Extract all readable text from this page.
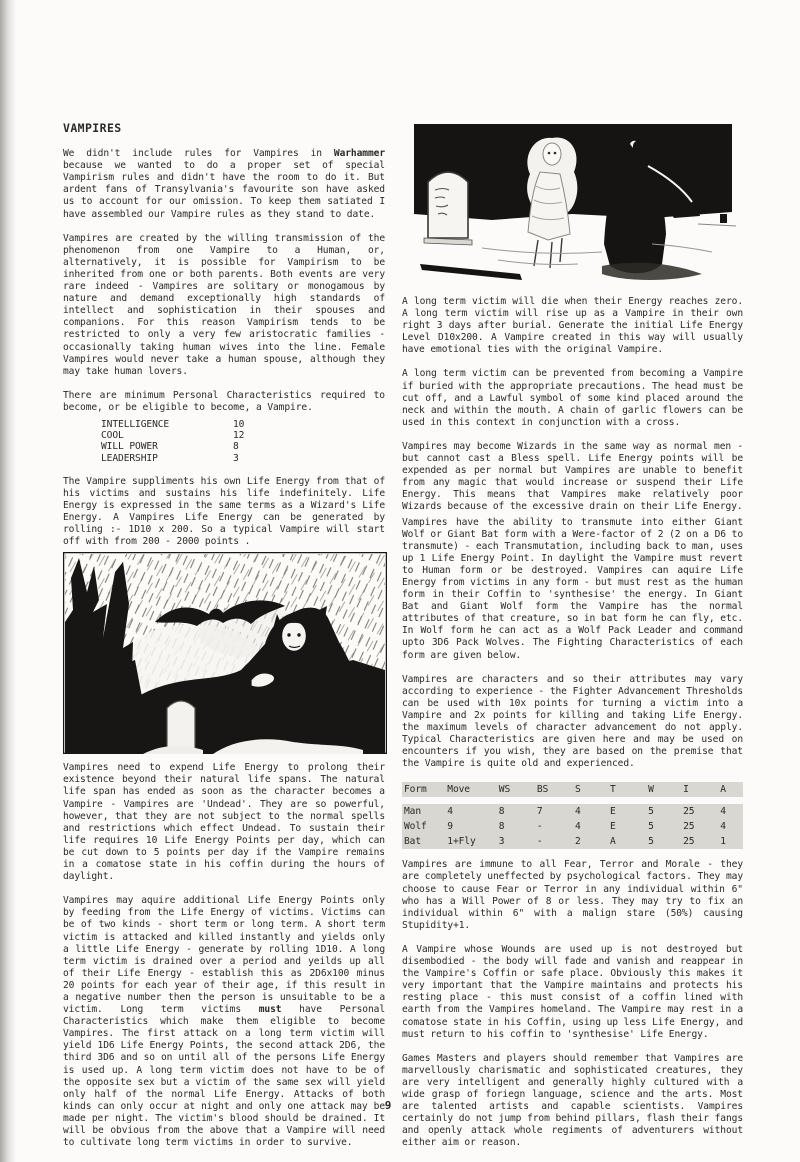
VAMPIRES

We didn't include rules for Vampires in Warhammer because we wanted to do a proper set of special Vampirism rules and didn't have the room to do it. But ardent fans of Transylvania's favourite son have asked us to account for our omission. To keep them satiated I have assembled our Vampire rules as they stand to date.

Vampires are created by the willing transmission of the phenomenon from one Vampire to a Human, or, alternatively, it is possible for Vampirism to be inherited from one or both parents. Both events are very rare indeed - Vampires are solitary or monogamous by nature and demand exceptionally high standards of intellect and sophistication in their spouses and companions. For this reason Vampirism tends to be restricted to only a very few aristocratic families -occasionally taking human wives into the line. Female Vampires would never take a human spouse, although they may take human lovers.

There are minimum Personal Characteristics required to become, or be eligible to become, a Vampire.

INTELLIGENCE	10
COOL	12
WILL POWER	8
LEADERSHIP	3

The Vampire suppliments his own Life Energy from that of his victims and sustains his life indefinitely. Life Energy is expressed in the same terms as a Wizard's Life Energy. A Vampires Life Energy can be generated by rolling :- 1D10 x 200. So a typical Vampire will start off with from 200 - 2000 points .

Vampires need to expend Life Energy to prolong their existence beyond their natural life spans. The natural life span has ended as soon as the character becomes a Vampire - Vampires are 'Undead'. They are so powerful, however, that they are not subject to the normal spells and restrictions which effect Undead. To sustain their life requires 10 Life Energy Points per day, which can be cut down to 5 points per day if the Vampire remains in a comatose state in his coffin during the hours of daylight.

Vampires may aquire additional Life Energy Points only by feeding from the Life Energy of victims. Victims can be of two kinds - short term or long term. A short term victim is attacked and killed instantly and yields only a little Life Energy - generate by rolling 1D10. A long term victim is drained over a period and yeilds up all of their Life Energy - establish this as 2D6x100 minus 20 points for each year of their age, if this result in a negative number then the person is unsuitable to be a victim. Long term victims must have Personal Characteristics which make them eligible to become Vampires. The first attack on a long term victim will yield 1D6 Life Energy Points, the second attack 2D6, the third 3D6 and so on until all of the persons Life Energy is used up. A long term victim does not have to be of the opposite sex but a victim of the same sex will yield only half of the normal Life Energy. Attacks of both kinds can only occur at night and only one attack may be made per night. The victim's blood should be drained. It will be obvious from the above that a Vampire will need to cultivate long term victims in order to survive.

A long term victim will die when their Energy reaches zero. A long term victim will rise up as a Vampire in their own right 3 days after burial. Generate the initial Life Energy Level D10x200. A Vampire created in this way will usually have emotional ties with the original Vampire.

A long term victim can be prevented from becoming a Vampire if buried with the appropriate precautions. The head must be cut off, and a Lawful symbol of some kind placed around the neck and within the mouth. A chain of garlic flowers can be used in this context in conjunction with a cross.

Vampires may become Wizards in the same way as normal men - but cannot cast a Bless spell. Life Energy points will be expended as per normal but Vampires are unable to benefit from any magic that would increase or suspend their Life Energy. This means that Vampires make relatively poor Wizards because of the excessive drain on their Life Energy.

Vampires have the ability to transmute into either Giant Wolf or Giant Bat form with a Were-factor of 2 (2 on a D6 to transmute) - each Transmutation, including back to man, uses up 1 Life Energy Point. In daylight the Vampire must revert to Human form or be destroyed. Vampires can aquire Life Energy from victims in any form - but must rest as the human form in their Coffin to 'synthesise' the energy. In Giant Bat and Giant Wolf form the Vampire has the normal attributes of that creature, so in bat form he can fly, etc. In Wolf form he can act as a Wolf Pack Leader and command upto 3D6 Pack Wolves. The Fighting Characteristics of each form are given below.

Vampires are characters and so their attributes may vary according to experience - the Fighter Advancement Thresholds can be used with 10x points for turning a victim into a Vampire and 2x points for killing and taking Life Energy. the maximum levels of character advancement do not apply. Typical Characteristics are given here and may be used on encounters if you wish, they are based on the premise that the Vampire is quite old and experienced.

Form	Move	WS	BS	S	T	W	I	A

Man	4	8	7	4	E	5	25	4
Wolf	9	8	-	4	E	5	25	4
Bat	1+Fly	3	-	2	A	5	25	1

Vampires are immune to all Fear, Terror and Morale - they are completely uneffected by psychological factors. They may choose to cause Fear or Terror in any individual within 6" who has a Will Power of 8 or less. They may try to fix an individual within 6" with a malign stare (50%) causing Stupidity+1.

A Vampire whose Wounds are used up is not destroyed but disembodied - the body will fade and vanish and reappear in the Vampire's Coffin or safe place. Obviously this makes it very important that the Vampire maintains and protects his resting place - this must consist of a coffin lined with earth from the Vampires homeland. The Vampire may rest in a comatose state in his Coffin, using up less Life Energy, and must return to his coffin to 'synthesise' Life Energy.

Games Masters and players should remember that Vampires are marvellously charismatic and sophisticated creatures, they are very intelligent and generally highly cultured with a wide grasp of foriegn language, science and the arts. Most are talented artists and capable scientists. Vampires certainly do not jump from behind pillars, flash their fangs and openly attack whole regiments of adventurers without either aim or reason.

9
